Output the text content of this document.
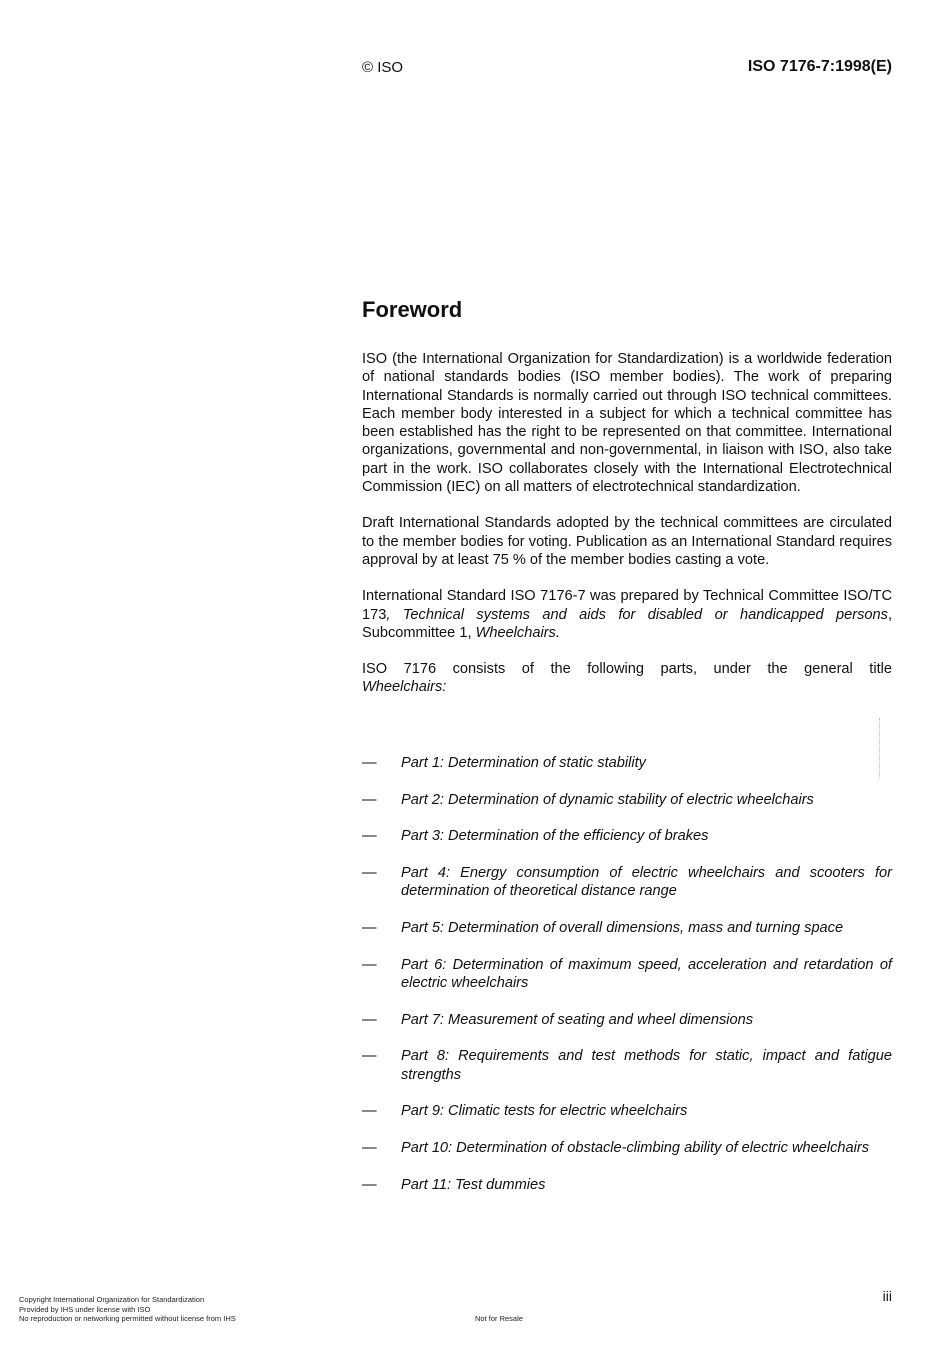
© ISO	ISO 7176-7:1998(E)
Foreword

ISO (the International Organization for Standardization) is a worldwide federation of national standards bodies (ISO member bodies). The work of preparing International Standards is normally carried out through ISO technical committees. Each member body interested in a subject for which a technical committee has been established has the right to be represented on that committee. International organizations, governmental and non-governmental, in liaison with ISO, also take part in the work. ISO collaborates closely with the International Electrotechnical Commission (IEC) on all matters of electrotechnical standardization.

Draft International Standards adopted by the technical committees are circulated to the member bodies for voting. Publication as an International Standard requires approval by at least 75 % of the member bodies casting a vote.

International Standard ISO 7176-7 was prepared by Technical Committee ISO/TC 173, Technical systems and aids for disabled or handicapped persons, Subcommittee 1, Wheelchairs.

ISO 7176 consists of the following parts, under the general title
Wheelchairs:

— Part 1: Determination of static stability
— Part 2: Determination of dynamic stability of electric wheelchairs
— Part 3: Determination of the efficiency of brakes
— Part 4: Energy consumption of electric wheelchairs and scooters for determination of theoretical distance range
— Part 5: Determination of overall dimensions, mass and turning space
— Part 6: Determination of maximum speed, acceleration and retardation of electric wheelchairs
— Part 7: Measurement of seating and wheel dimensions
— Part 8: Requirements and test methods for static, impact and fatigue strengths
— Part 9: Climatic tests for electric wheelchairs
— Part 10: Determination of obstacle-climbing ability of electric wheelchairs
— Part 11: Test dummies
iii
Copyright International Organization for Standardization
Provided by IHS under license with ISO
No reproduction or networking permitted without license from IHS	Not for Resale
